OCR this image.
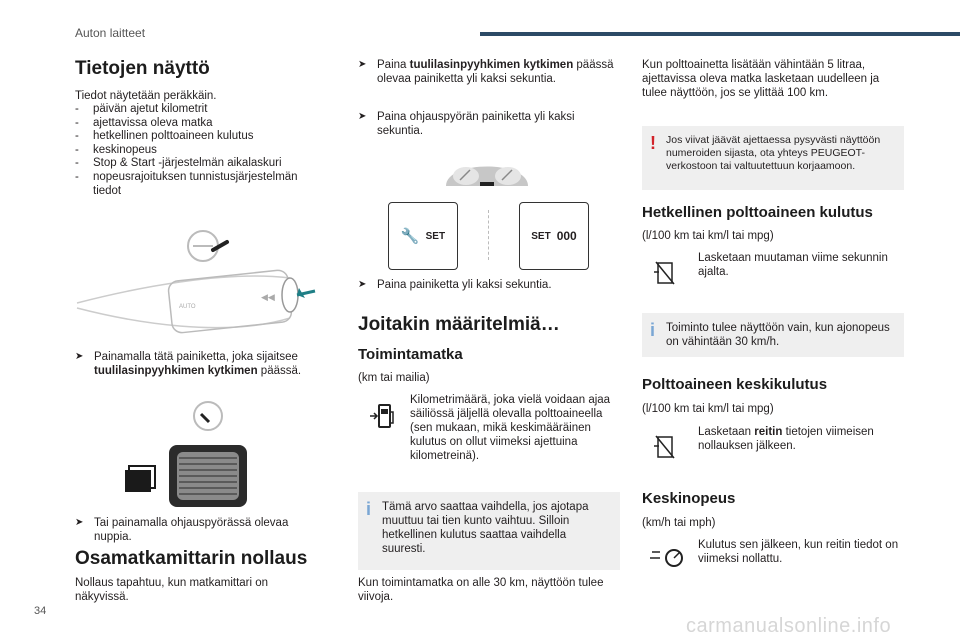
Auton laitteet
Tietojen näyttö
Tiedot näytetään peräkkäin.
- päivän ajetut kilometrit
- ajettavissa oleva matka
- hetkellinen polttoaineen kulutus
- keskinopeus
- Stop & Start -järjestelmän aikalaskuri
- nopeusrajoituksen tunnistusjärjestelmän tiedot
AUTO
◀◀
➤ Painamalla tätä painiketta, joka sijaitsee tuulilasinpyyhkimen kytkimen päässä.
➤ Tai painamalla ohjauspyörässä olevaa nuppia.
Osamatkamittarin nollaus
Nollaus tapahtuu, kun matkamittari on näkyvissä.
➤ Paina tuulilasinpyyhkimen kytkimen päässä olevaa painiketta yli kaksi sekuntia.
➤ Paina ohjauspyörän painiketta yli kaksi sekuntia.
🔧 SET	SET 000
➤ Paina painiketta yli kaksi sekuntia.
Joitakin määritelmiä…
Toimintamatka
(km tai mailia)
Kilometrimäärä, joka vielä voidaan ajaa säiliössä jäljellä olevalla polttoaineella (sen mukaan, mikä keskimääräinen kulutus on ollut viimeksi ajettuina kilometreinä).
i Tämä arvo saattaa vaihdella, jos ajotapa muuttuu tai tien kunto vaihtuu. Silloin hetkellinen kulutus saattaa vaihdella suuresti.
Kun toimintamatka on alle 30 km, näyttöön tulee viivoja.
Kun polttoainetta lisätään vähintään 5 litraa, ajettavissa oleva matka lasketaan uudelleen ja tulee näyttöön, jos se ylittää 100 km.
! Jos viivat jäävät ajettaessa pysyvästi näyttöön numeroiden sijasta, ota yhteys PEUGEOT-verkostoon tai valtuutettuun korjaamoon.
Hetkellinen polttoaineen kulutus
(l/100 km tai km/l tai mpg)
Lasketaan muutaman viime sekunnin ajalta.
i Toiminto tulee näyttöön vain, kun ajonopeus on vähintään 30 km/h.
Polttoaineen keskikulutus
(l/100 km tai km/l tai mpg)
Lasketaan reitin tietojen viimeisen nollauksen jälkeen.
Keskinopeus
(km/h tai mph)
Kulutus sen jälkeen, kun reitin tiedot on viimeksi nollattu.
34
carmanualsonline.info
